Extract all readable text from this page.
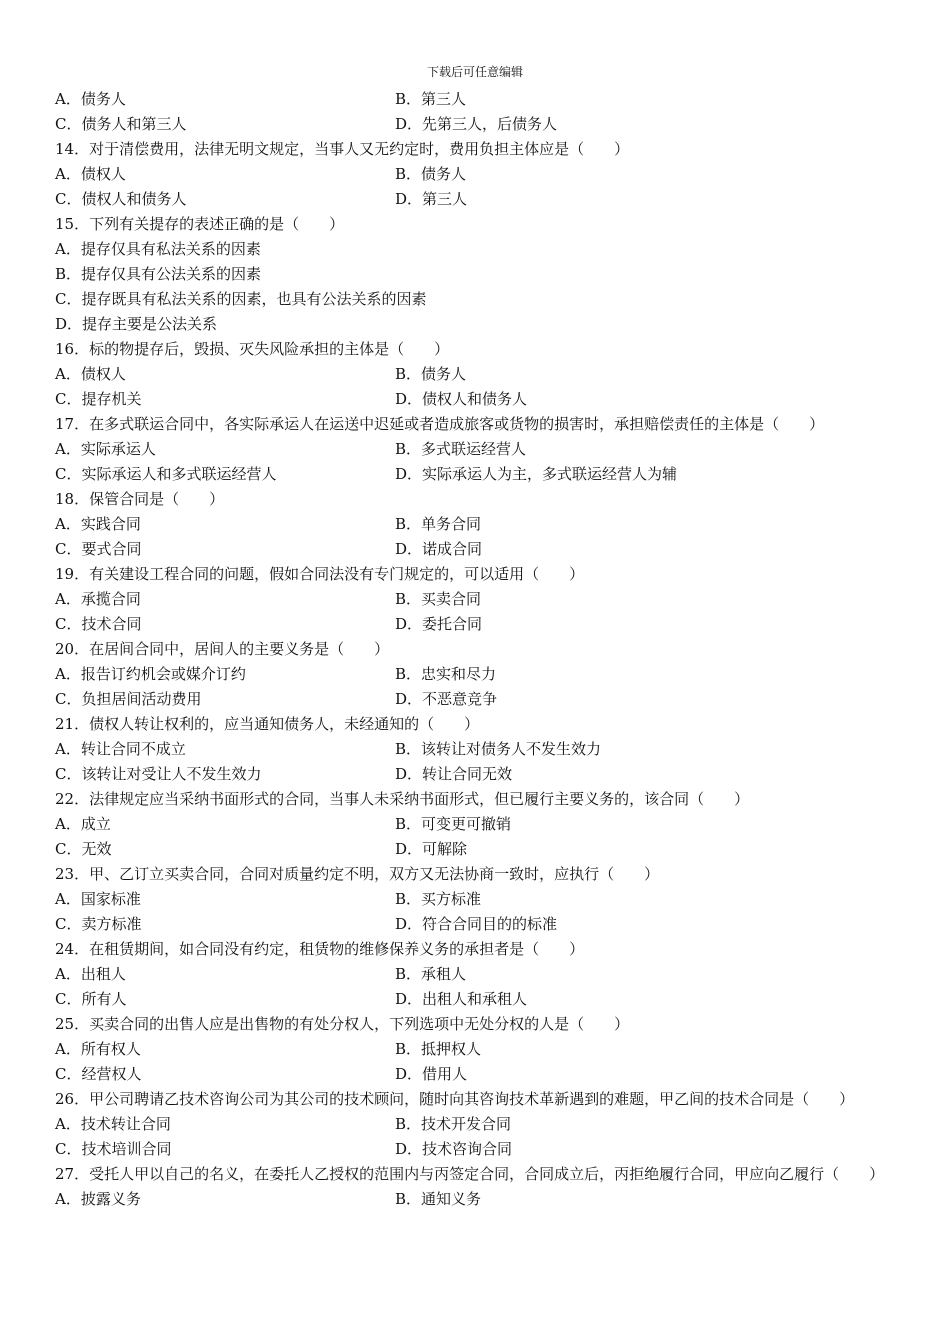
下载后可任意编辑
A．债务人	B．第三人
C．债务人和第三人	D．先第三人，后债务人
14．对于清偿费用，法律无明文规定，当事人又无约定时，费用负担主体应是（　　）
A．债权人	B．债务人
C．债权人和债务人	D．第三人
15．下列有关提存的表述正确的是（　　）
A．提存仅具有私法关系的因素
B．提存仅具有公法关系的因素
C．提存既具有私法关系的因素，也具有公法关系的因素
D．提存主要是公法关系
16．标的物提存后，毁损、灭失风险承担的主体是（　　）
A．债权人	B．债务人
C．提存机关	D．债权人和债务人
17．在多式联运合同中，各实际承运人在运送中迟延或者造成旅客或货物的损害时，承担赔偿责任的主体是（　　）
A．实际承运人	B．多式联运经营人
C．实际承运人和多式联运经营人	D．实际承运人为主，多式联运经营人为辅
18．保管合同是（　　）
A．实践合同	B．单务合同
C．要式合同	D．诺成合同
19．有关建设工程合同的问题，假如合同法没有专门规定的，可以适用（　　）
A．承揽合同	B．买卖合同
C．技术合同	D．委托合同
20．在居间合同中，居间人的主要义务是（　　）
A．报告订约机会或媒介订约	B．忠实和尽力
C．负担居间活动费用	D．不恶意竞争
21．债权人转让权利的，应当通知债务人，未经通知的（　　）
A．转让合同不成立	B．该转让对债务人不发生效力
C．该转让对受让人不发生效力	D．转让合同无效
22．法律规定应当采纳书面形式的合同，当事人未采纳书面形式，但已履行主要义务的，该合同（　　）
A．成立	B．可变更可撤销
C．无效	D．可解除
23．甲、乙订立买卖合同，合同对质量约定不明，双方又无法协商一致时，应执行（　　）
A．国家标准	B．买方标准
C．卖方标准	D．符合合同目的的标准
24．在租赁期间，如合同没有约定，租赁物的维修保养义务的承担者是（　　）
A．出租人	B．承租人
C．所有人	D．出租人和承租人
25．买卖合同的出售人应是出售物的有处分权人，下列选项中无处分权的人是（　　）
A．所有权人	B．抵押权人
C．经营权人	D．借用人
26．甲公司聘请乙技术咨询公司为其公司的技术顾问，随时向其咨询技术革新遇到的难题，甲乙间的技术合同是（　　）
A．技术转让合同	B．技术开发合同
C．技术培训合同	D．技术咨询合同
27．受托人甲以自己的名义，在委托人乙授权的范围内与丙签定合同，合同成立后，丙拒绝履行合同，甲应向乙履行（　　）
A．披露义务	B．通知义务
